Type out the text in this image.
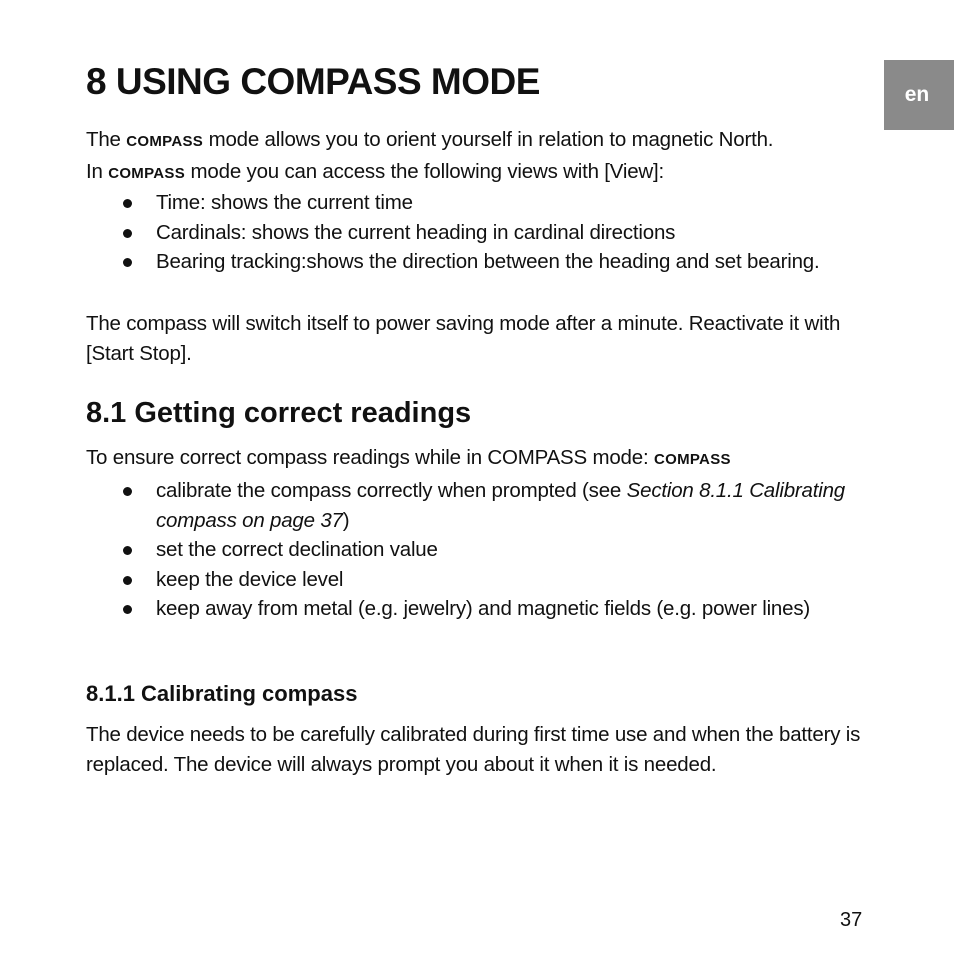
en
8 USING COMPASS MODE

The COMPASS mode allows you to orient yourself in relation to magnetic North.
In COMPASS mode you can access the following views with [View]:

Time: shows the current time
Cardinals: shows the current heading in cardinal directions
Bearing tracking:shows the direction between the heading and set bearing.

The compass will switch itself to power saving mode after a minute. Reactivate it with [Start Stop].

8.1 Getting correct readings

To ensure correct compass readings while in COMPASS mode: COMPASS

calibrate the compass correctly when prompted (see Section 8.1.1 Calibrating compass on page 37)
set the correct declination value
keep the device level
keep away from metal (e.g. jewelry) and magnetic fields (e.g. power lines)
8.1.1 Calibrating compass

The device needs to be carefully calibrated during first time use and when the battery is replaced. The device will always prompt you about it when it is needed.

37
